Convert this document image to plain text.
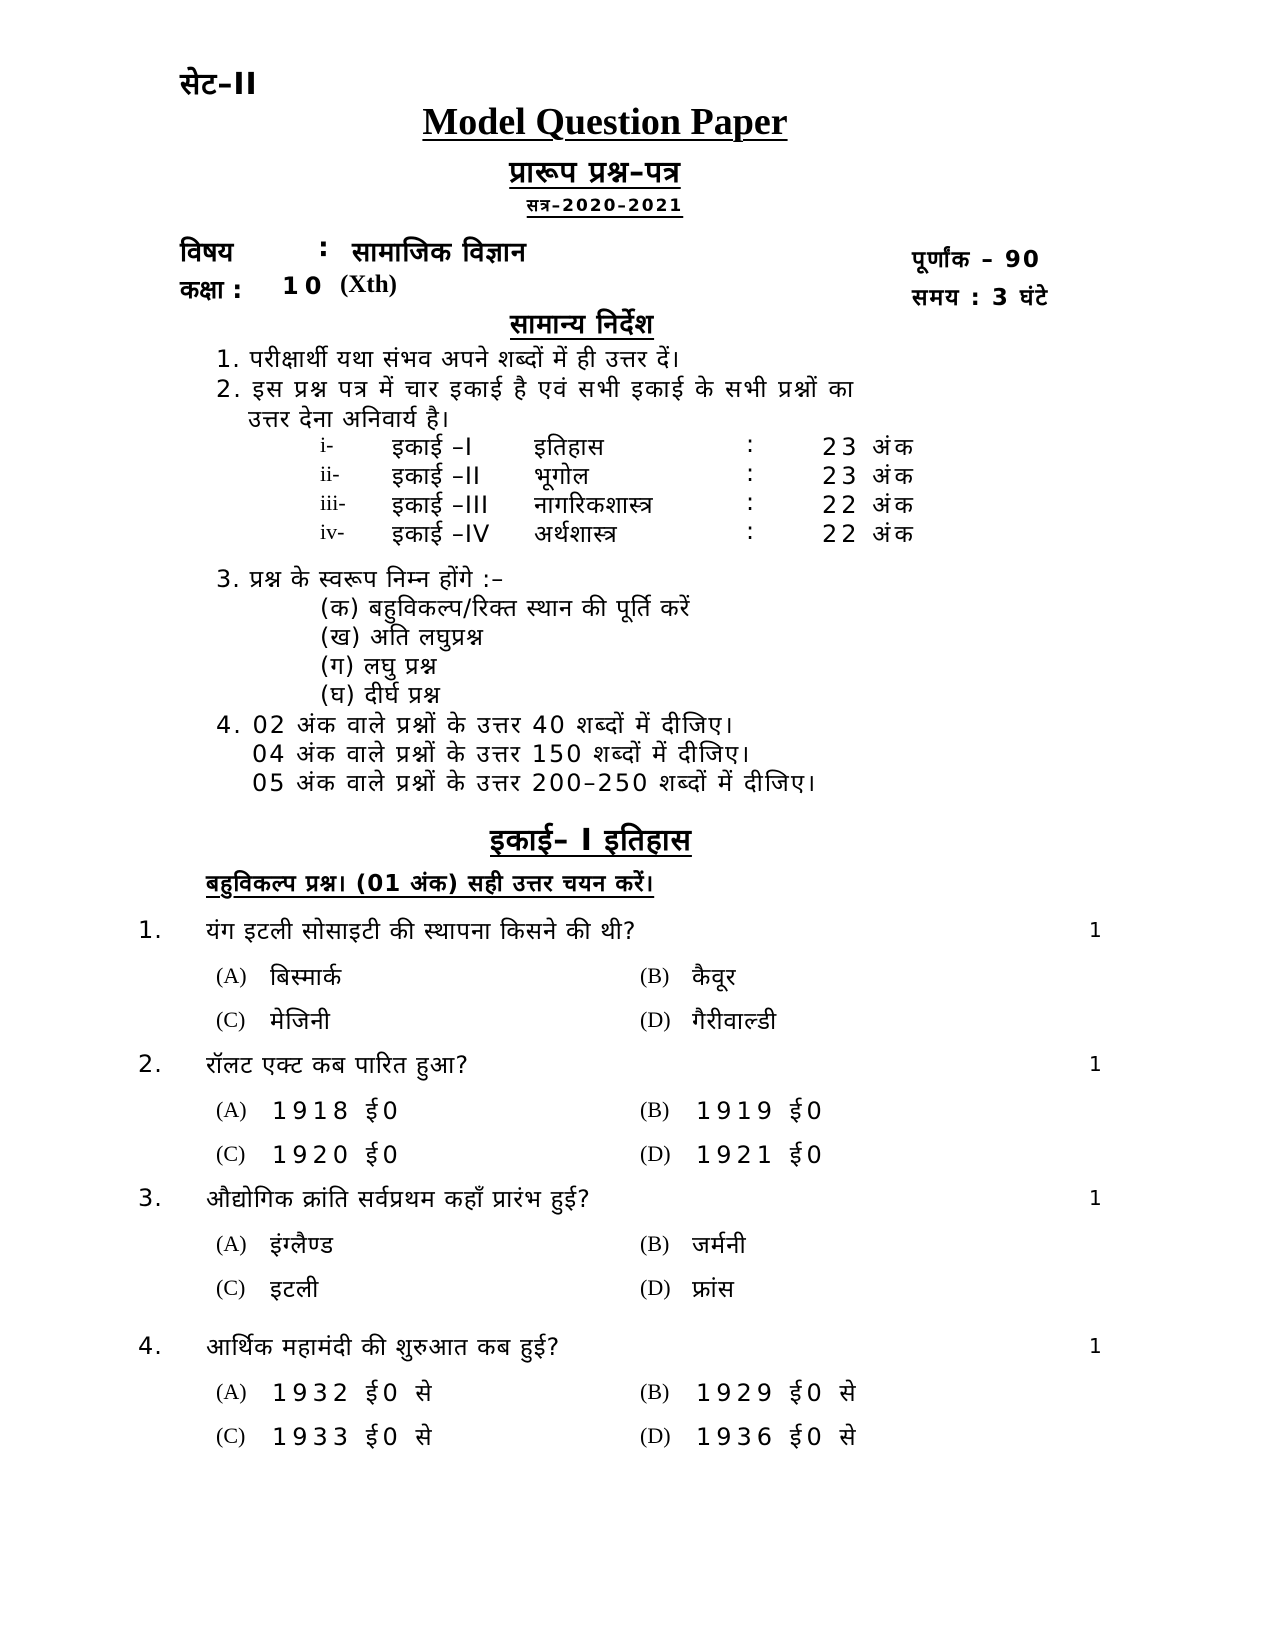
सेट–II
Model Question Paper
प्रारूप प्रश्न–पत्र
सत्र–2020–2021
विषय	: सामाजिक विज्ञान
कक्षा : 10 (Xth)
पूर्णांक – 90
समय : 3 घंटे
सामान्य निर्देश
1. परीक्षार्थी यथा संभव अपने शब्दों में ही उत्तर दें।
2. इस प्रश्न पत्र में चार इकाई है एवं सभी इकाई के सभी प्रश्नों का
उत्तर देना अनिवार्य है।
i- इकाई –I	इतिहास	:	23 अंक
ii- इकाई –II भूगोल	:	23 अंक
iii- इकाई –III नागरिकशास्त्र	:	22 अंक
iv- इकाई –IV अर्थशास्त्र	:	22 अंक
3. प्रश्न के स्वरूप निम्न होंगे :–
(क) बहुविकल्प/रिक्त स्थान की पूर्ति करें
(ख) अति लघुप्रश्न
(ग) लघु प्रश्न
(घ) दीर्घ प्रश्न
4. 02 अंक वाले प्रश्नों के उत्तर 40 शब्दों में दीजिए।
04 अंक वाले प्रश्नों के उत्तर 150 शब्दों में दीजिए।
05 अंक वाले प्रश्नों के उत्तर 200–250 शब्दों में दीजिए।
इकाई– I इतिहास
बहुविकल्प प्रश्न। (01 अंक) सही उत्तर चयन करें।
1. यंग इटली सोसाइटी की स्थापना किसने की थी?	1
(A) बिस्मार्क	(B) कैवूर
(C) मेजिनी	(D) गैरीवाल्डी
2. रॉलट एक्ट कब पारित हुआ?	1
(A) 1918 ई0	(B) 1919 ई0
(C) 1920 ई0	(D) 1921 ई0
3. औद्योगिक क्रांति सर्वप्रथम कहाँ प्रारंभ हुई?	1
(A) इंग्लैण्ड	(B) जर्मनी
(C) इटली	(D) फ्रांस
4. आर्थिक महामंदी की शुरुआत कब हुई?	1
(A) 1932 ई0 से	(B) 1929 ई0 से
(C) 1933 ई0 से	(D) 1936 ई0 से
